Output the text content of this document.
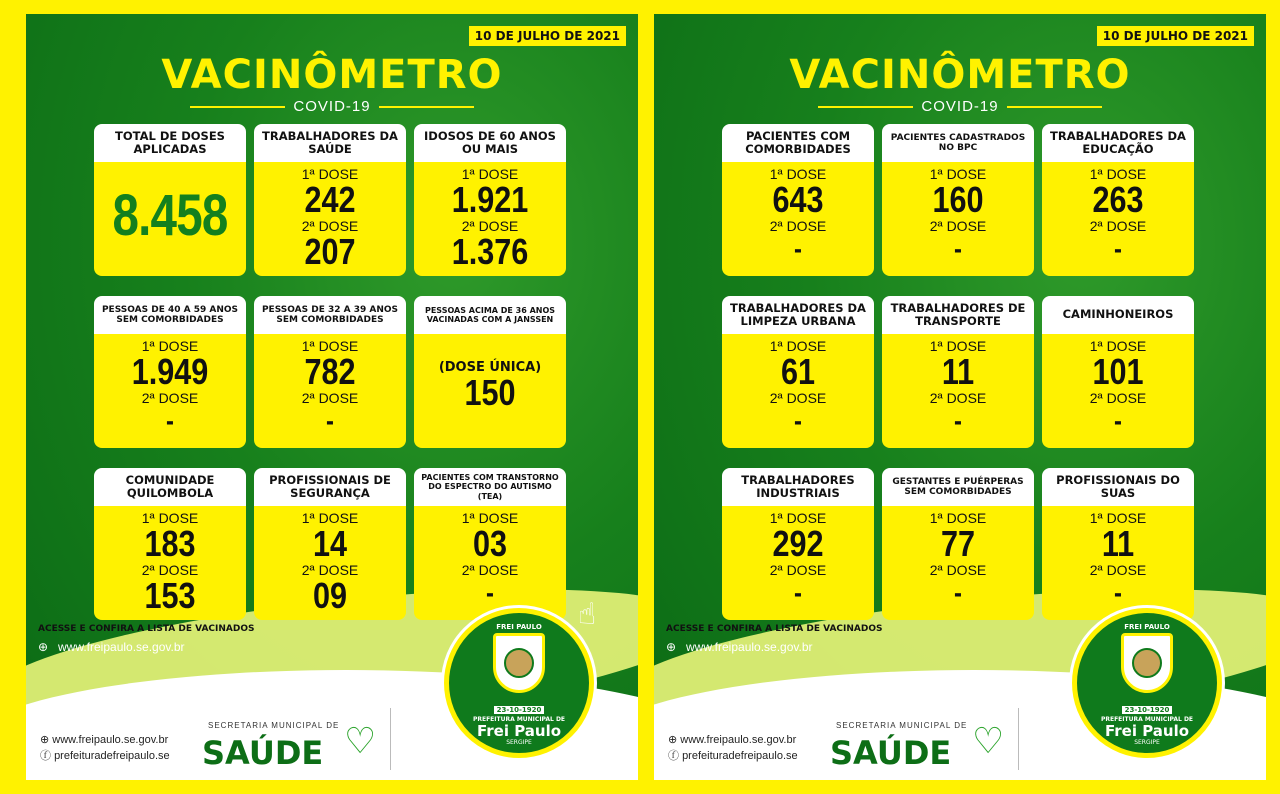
10 DE JULHO DE 2021
VACINÔMETRO
COVID-19
TOTAL DE DOSES APLICADAS
8.458
TRABALHADORES DA SAÚDE
1ª DOSE
242
2ª DOSE
207
IDOSOS DE 60 ANOS OU MAIS
1ª DOSE
1.921
2ª DOSE
1.376
PESSOAS DE 40 A 59 ANOS SEM COMORBIDADES
1ª DOSE
1.949
2ª DOSE
-
PESSOAS DE 32 A 39 ANOS SEM COMORBIDADES
1ª DOSE
782
2ª DOSE
-
PESSOAS ACIMA DE 36 ANOS VACINADAS COM A JANSSEN
(DOSE ÚNICA)
150
COMUNIDADE QUILOMBOLA
1ª DOSE
183
2ª DOSE
153
PROFISSIONAIS DE SEGURANÇA
1ª DOSE
14
2ª DOSE
09
PACIENTES COM TRANSTORNO DO ESPECTRO DO AUTISMO (TEA)
1ª DOSE
03
2ª DOSE
-
☝
ACESSE E CONFIRA A LISTA DE VACINADOS
⊕ www.freipaulo.se.gov.br
⊕ www.freipaulo.se.gov.br
ⓕ prefeituradefreipaulo.se
SECRETARIA MUNICIPAL DE
SAÚDE ♡
FREI PAULO
23-10-1920
PREFEITURA MUNICIPAL DE
Frei Paulo
SERGIPE
10 DE JULHO DE 2021
VACINÔMETRO
COVID-19
PACIENTES COM COMORBIDADES
1ª DOSE
643
2ª DOSE
-
PACIENTES CADASTRADOS NO BPC
1ª DOSE
160
2ª DOSE
-
TRABALHADORES DA EDUCAÇÃO
1ª DOSE
263
2ª DOSE
-
TRABALHADORES DA LIMPEZA URBANA
1ª DOSE
61
2ª DOSE
-
TRABALHADORES DE TRANSPORTE
1ª DOSE
11
2ª DOSE
-
CAMINHONEIROS
1ª DOSE
101
2ª DOSE
-
TRABALHADORES INDUSTRIAIS
1ª DOSE
292
2ª DOSE
-
GESTANTES E PUÉRPERAS SEM COMORBIDADES
1ª DOSE
77
2ª DOSE
-
PROFISSIONAIS DO SUAS
1ª DOSE
11
2ª DOSE
-
ACESSE E CONFIRA A LISTA DE VACINADOS
⊕ www.freipaulo.se.gov.br
⊕ www.freipaulo.se.gov.br
ⓕ prefeituradefreipaulo.se
SECRETARIA MUNICIPAL DE
SAÚDE ♡
FREI PAULO
23-10-1920
PREFEITURA MUNICIPAL DE
Frei Paulo
SERGIPE
